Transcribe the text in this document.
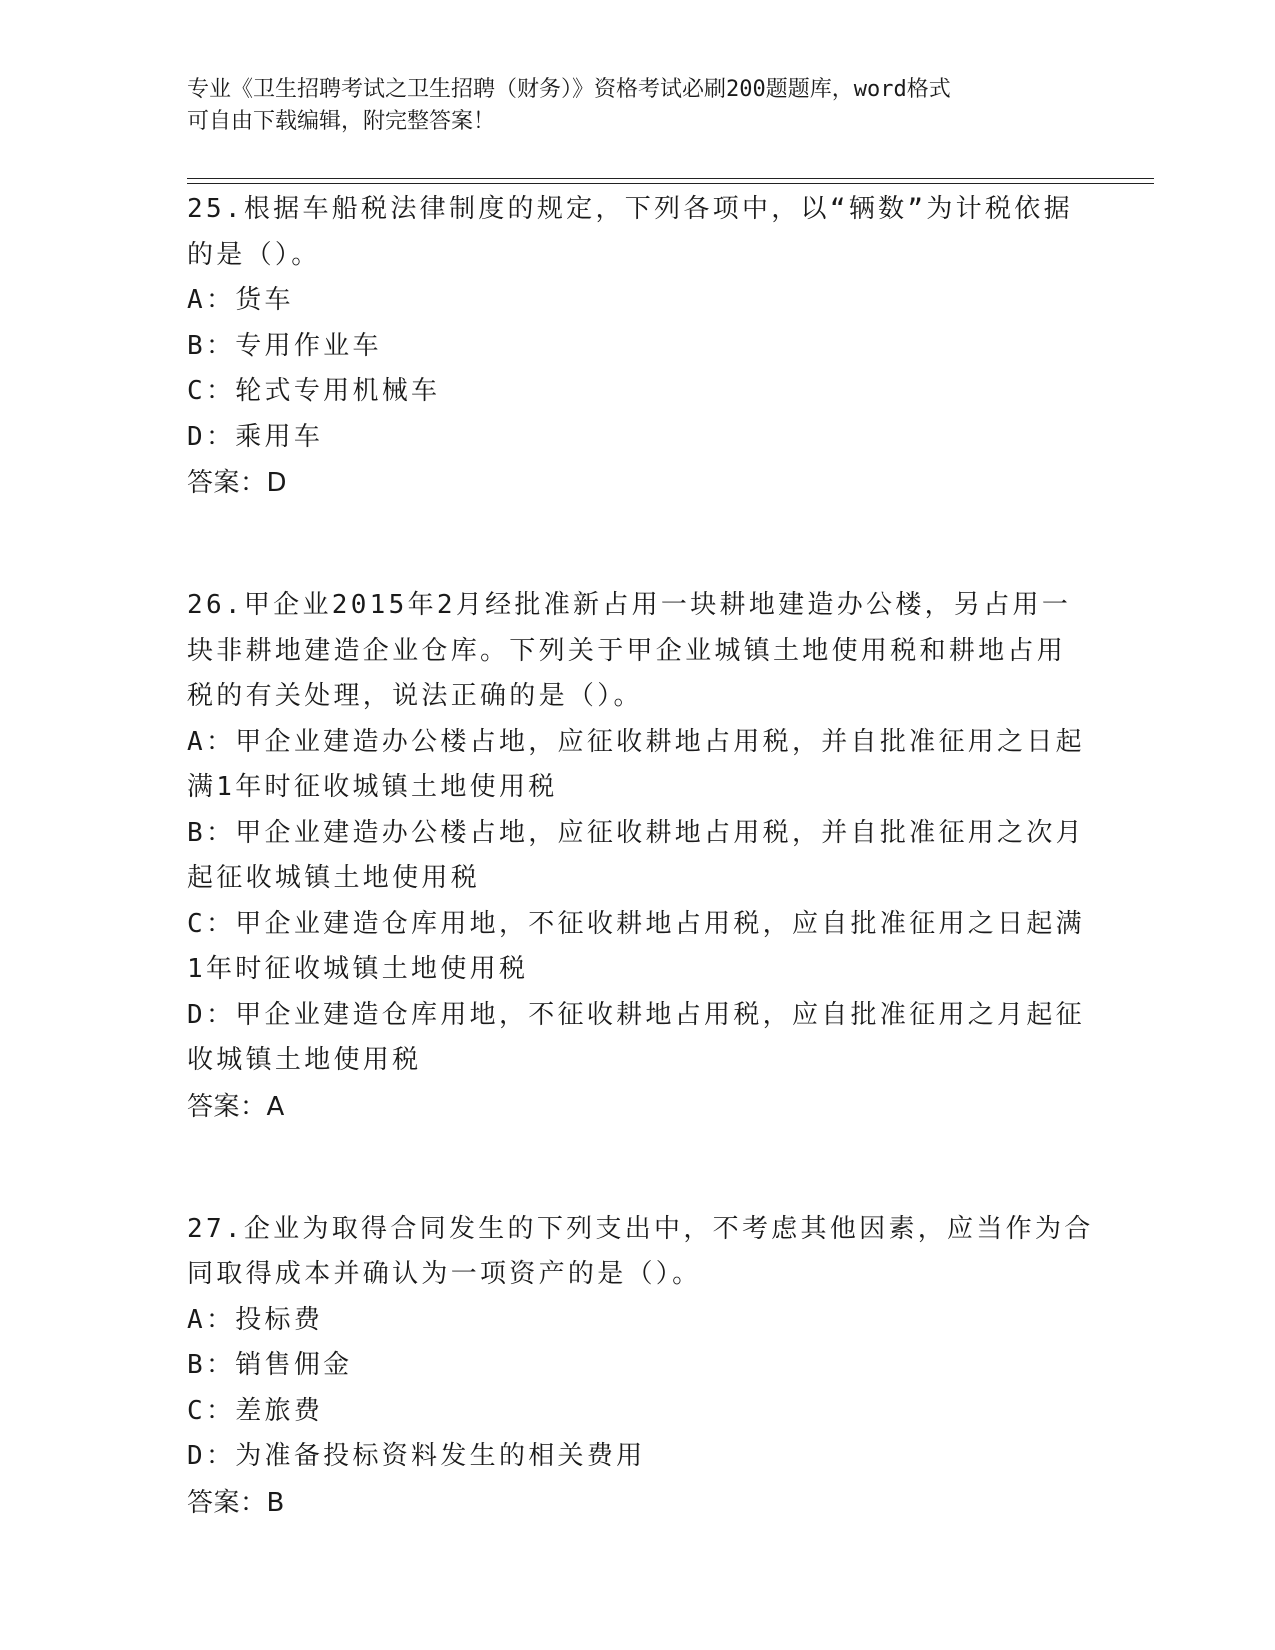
专业《卫生招聘考试之卫生招聘（财务）》资格考试必刷200题题库，word格式
可自由下载编辑，附完整答案！
25.根据车船税法律制度的规定，下列各项中，以“辆数”为计税依据
的是（）。
A：货车
B：专用作业车
C：轮式专用机械车
D：乘用车
答案：D
26.甲企业2015年2月经批准新占用一块耕地建造办公楼，另占用一
块非耕地建造企业仓库。下列关于甲企业城镇土地使用税和耕地占用
税的有关处理，说法正确的是（）。
A：甲企业建造办公楼占地，应征收耕地占用税，并自批准征用之日起
满1年时征收城镇土地使用税
B：甲企业建造办公楼占地，应征收耕地占用税，并自批准征用之次月
起征收城镇土地使用税
C：甲企业建造仓库用地，不征收耕地占用税，应自批准征用之日起满
1年时征收城镇土地使用税
D：甲企业建造仓库用地，不征收耕地占用税，应自批准征用之月起征
收城镇土地使用税
答案：A
27.企业为取得合同发生的下列支出中，不考虑其他因素，应当作为合
同取得成本并确认为一项资产的是（）。
A：投标费
B：销售佣金
C：差旅费
D：为准备投标资料发生的相关费用
答案：B
